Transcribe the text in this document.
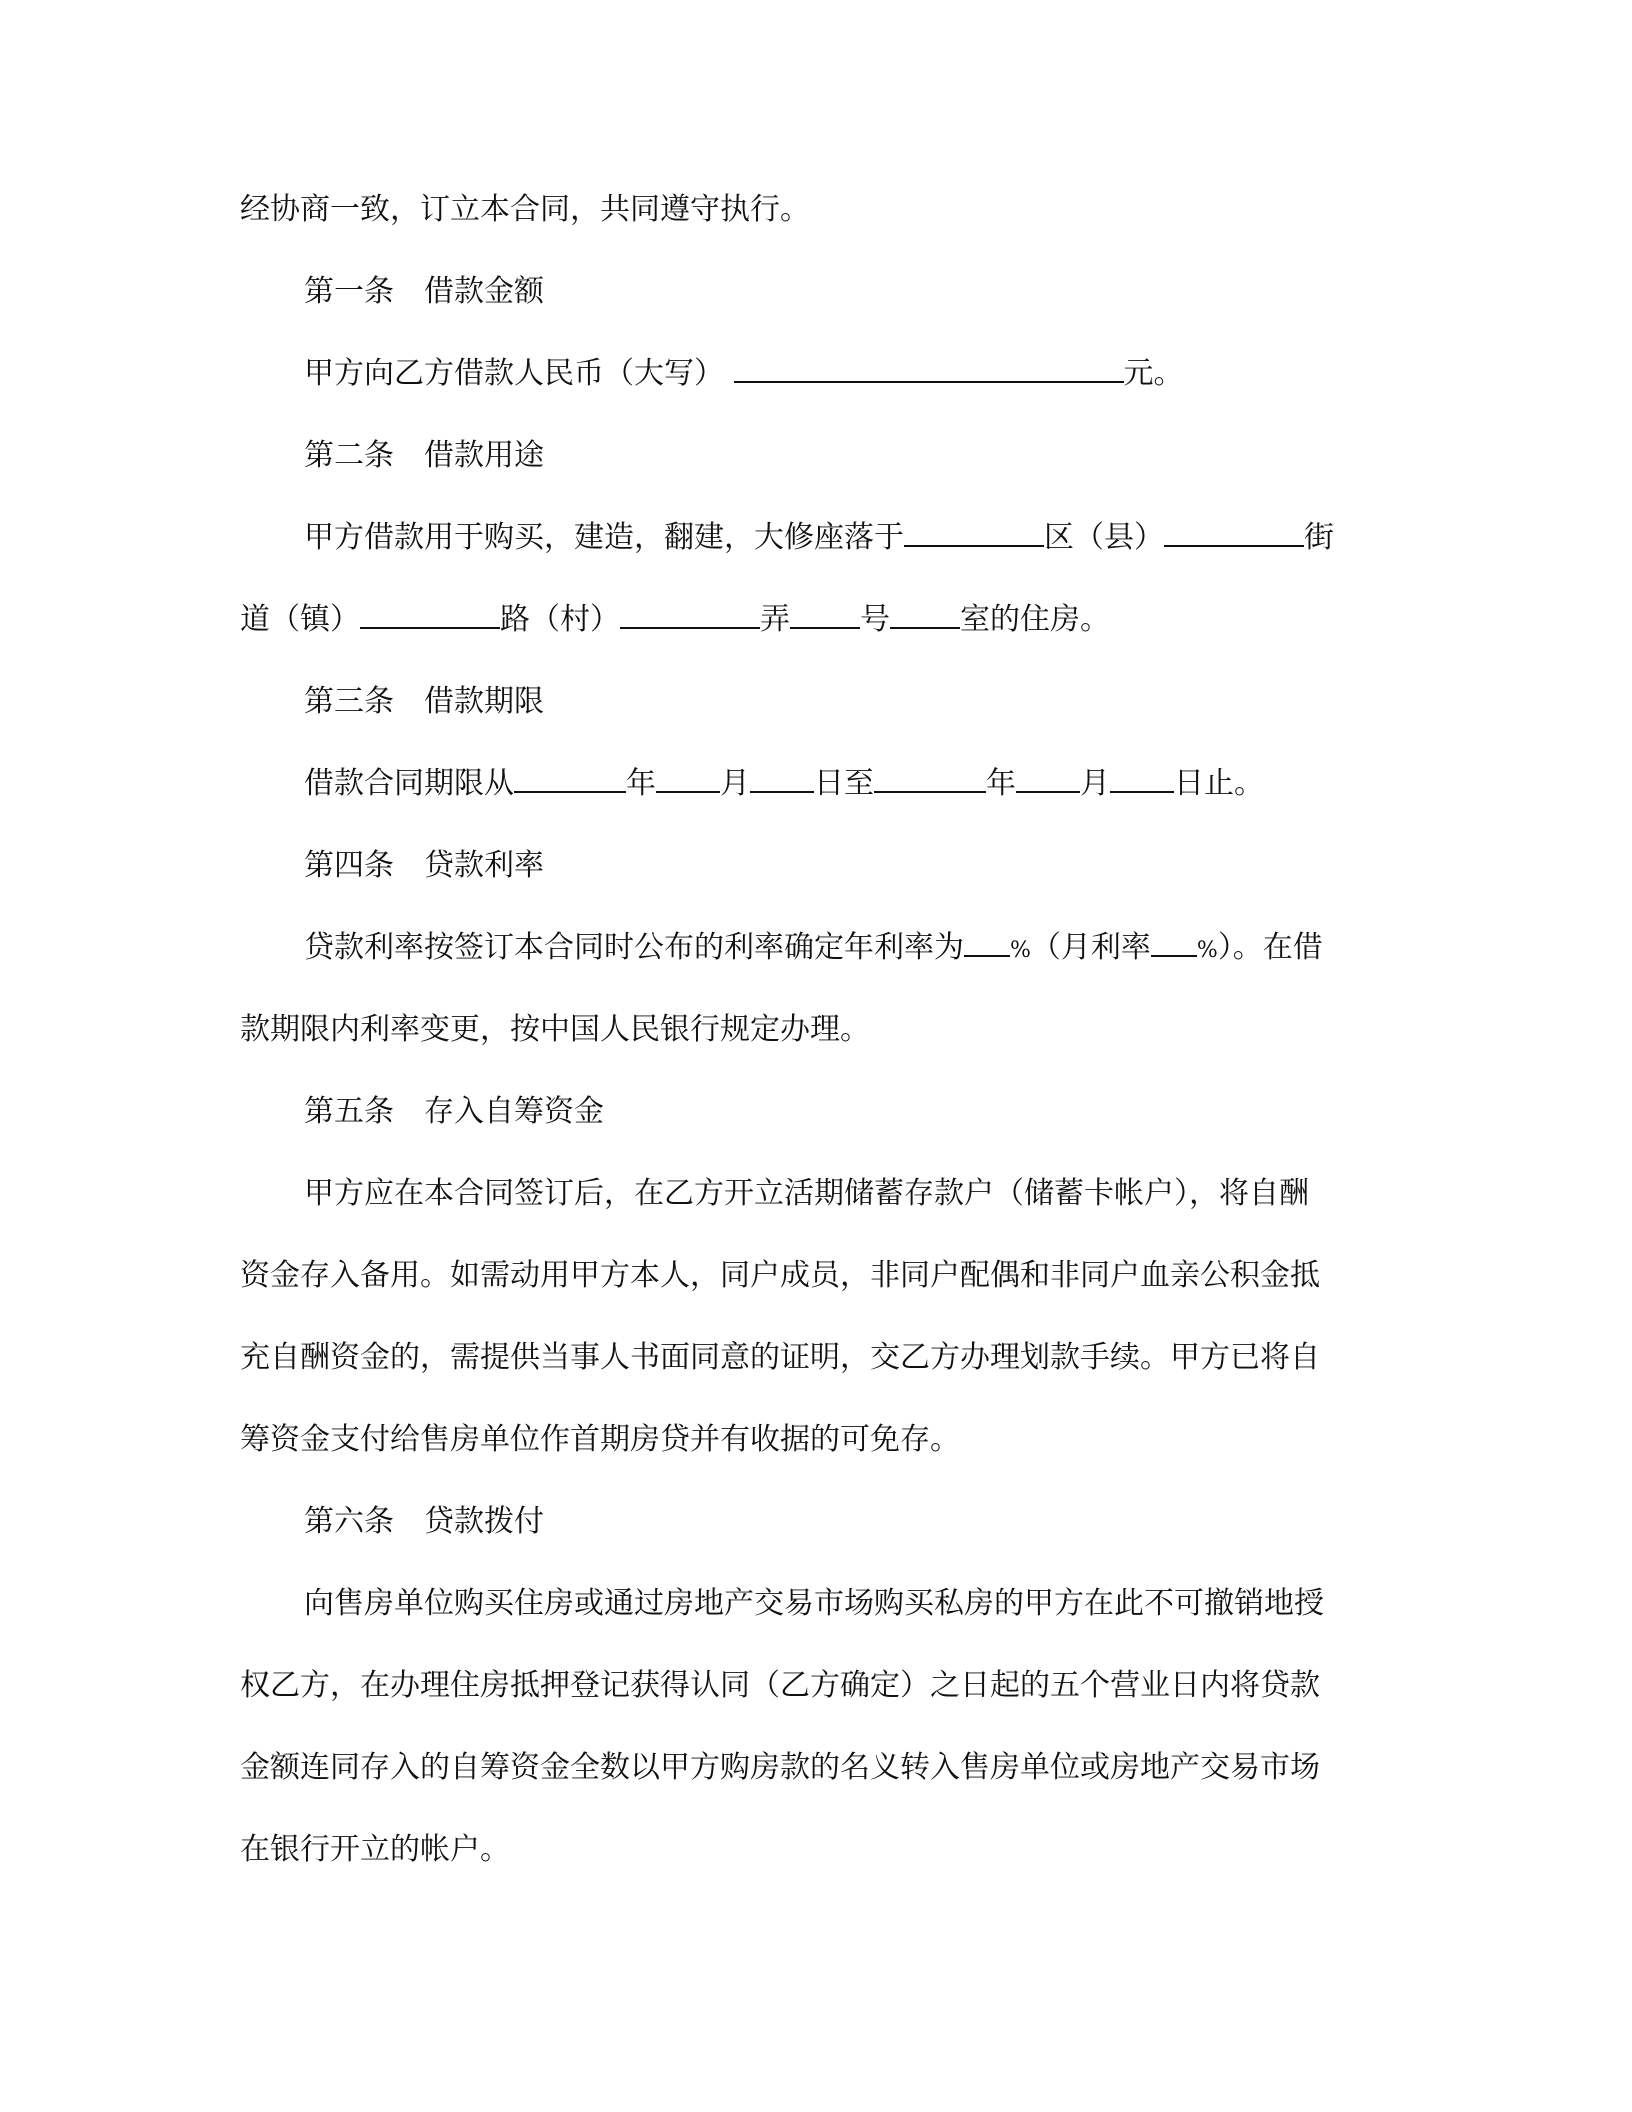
经协商一致，订立本合同，共同遵守执行。
第一条 借款金额
甲方向乙方借款人民币（大写）	元。
第二条 借款用途
甲方借款用于购买，建造，翻建，大修座落于	区（县）	街
道（镇）	路（村）	弄 号 室的住房。
第三条 借款期限
借款合同期限从	年 月 日至	年 月 日止。
第四条 贷款利率
贷款利率按签订本合同时公布的利率确定年利率为 %（月利率 %）。在借
款期限内利率变更，按中国人民银行规定办理。
第五条 存入自筹资金
甲方应在本合同签订后，在乙方开立活期储蓄存款户（储蓄卡帐户），将自酬
资金存入备用。如需动用甲方本人，同户成员，非同户配偶和非同户血亲公积金抵
充自酬资金的，需提供当事人书面同意的证明，交乙方办理划款手续。甲方已将自
筹资金支付给售房单位作首期房贷并有收据的可免存。
第六条 贷款拨付
向售房单位购买住房或通过房地产交易市场购买私房的甲方在此不可撤销地授
权乙方，在办理住房抵押登记获得认同（乙方确定）之日起的五个营业日内将贷款
金额连同存入的自筹资金全数以甲方购房款的名义转入售房单位或房地产交易市场
在银行开立的帐户。
